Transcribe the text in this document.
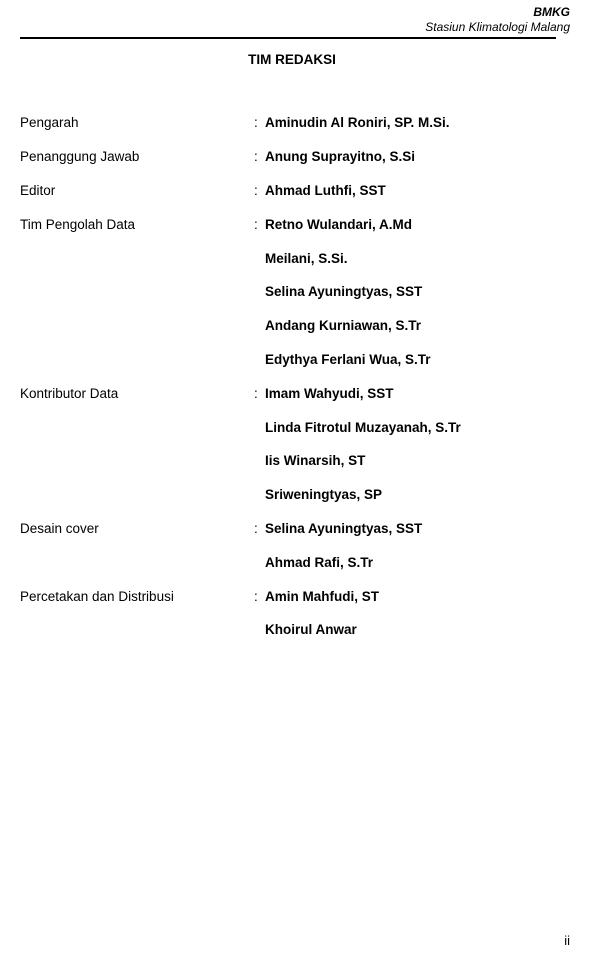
BMKG
Stasiun Klimatologi Malang
TIM REDAKSI
Pengarah	: Aminudin Al Roniri, SP. M.Si.
Penanggung Jawab	: Anung Suprayitno, S.Si
Editor	: Ahmad Luthfi, SST
Tim Pengolah Data	: Retno Wulandari, A.Md
Meilani, S.Si.
Selina Ayuningtyas, SST
Andang Kurniawan, S.Tr
Edythya Ferlani Wua, S.Tr
Kontributor Data	: Imam Wahyudi, SST
Linda Fitrotul Muzayanah, S.Tr
Iis Winarsih, ST
Sriweningtyas, SP
Desain cover	: Selina Ayuningtyas, SST
Ahmad Rafi, S.Tr
Percetakan dan Distribusi	: Amin Mahfudi, ST
Khoirul Anwar
ii
